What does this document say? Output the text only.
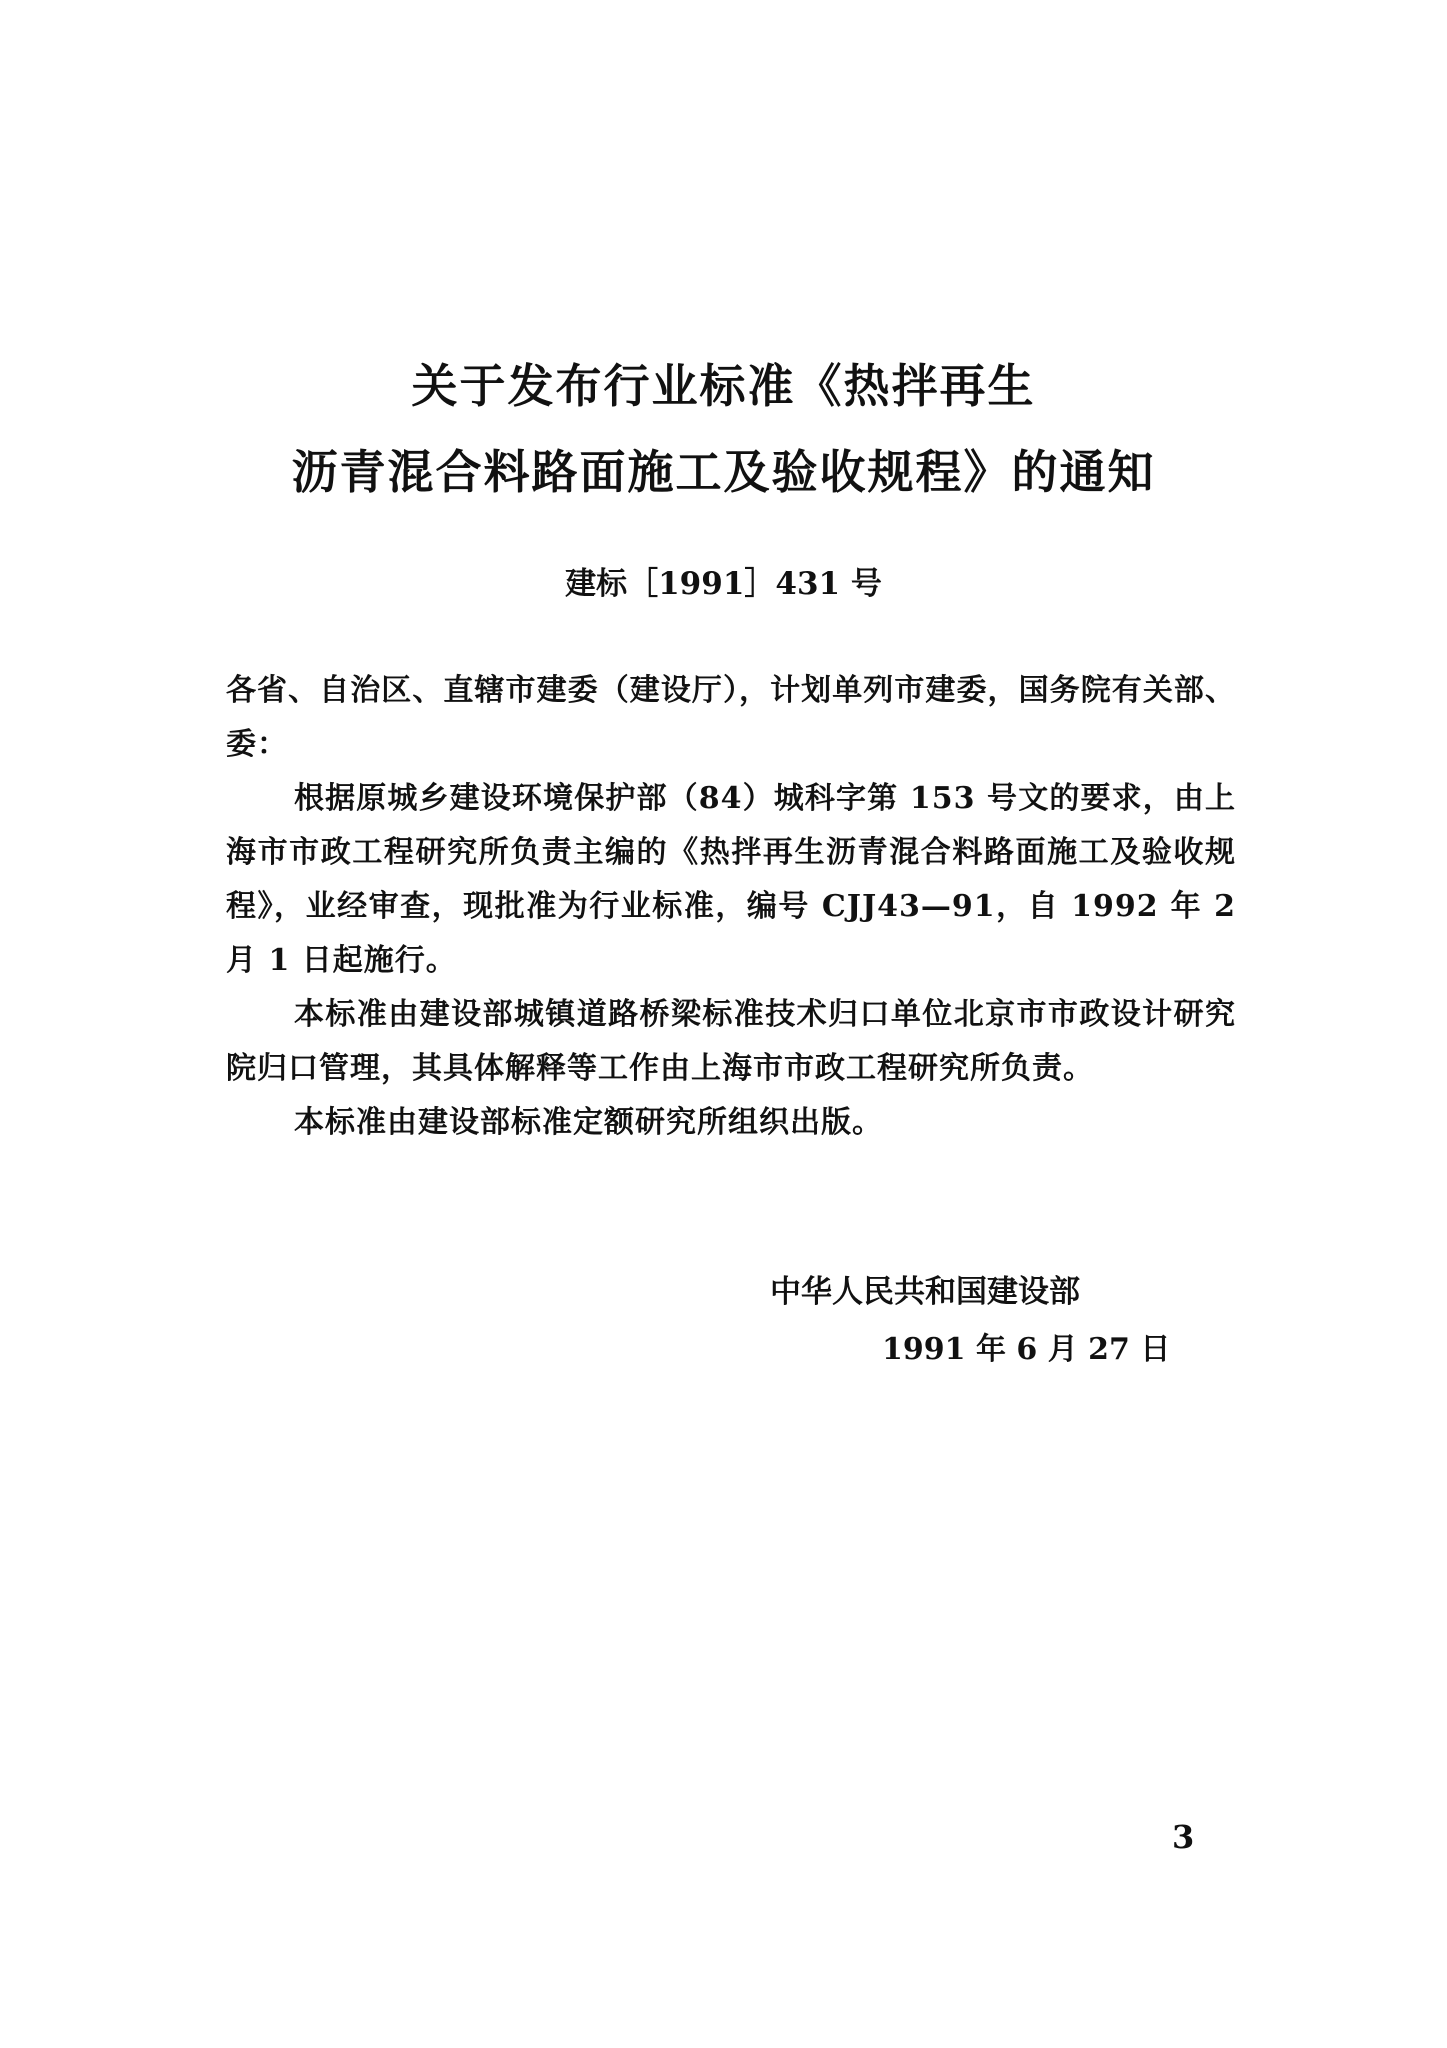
关于发布行业标准《热拌再生
沥青混合料路面施工及验收规程》的通知
建标［1991］431 号

各省、自治区、直辖市建委（建设厅），计划单列市建委，国务院有关部、委：

根据原城乡建设环境保护部（84）城科字第 153 号文的要求，由上海市市政工程研究所负责主编的《热拌再生沥青混合料路面施工及验收规程》，业经审查，现批准为行业标准，编号 CJJ43—91，自 1992 年 2 月 1 日起施行。

本标准由建设部城镇道路桥梁标准技术归口单位北京市市政设计研究院归口管理，其具体解释等工作由上海市市政工程研究所负责。

本标准由建设部标准定额研究所组织出版。

中华人民共和国建设部
1991 年 6 月 27 日
3
